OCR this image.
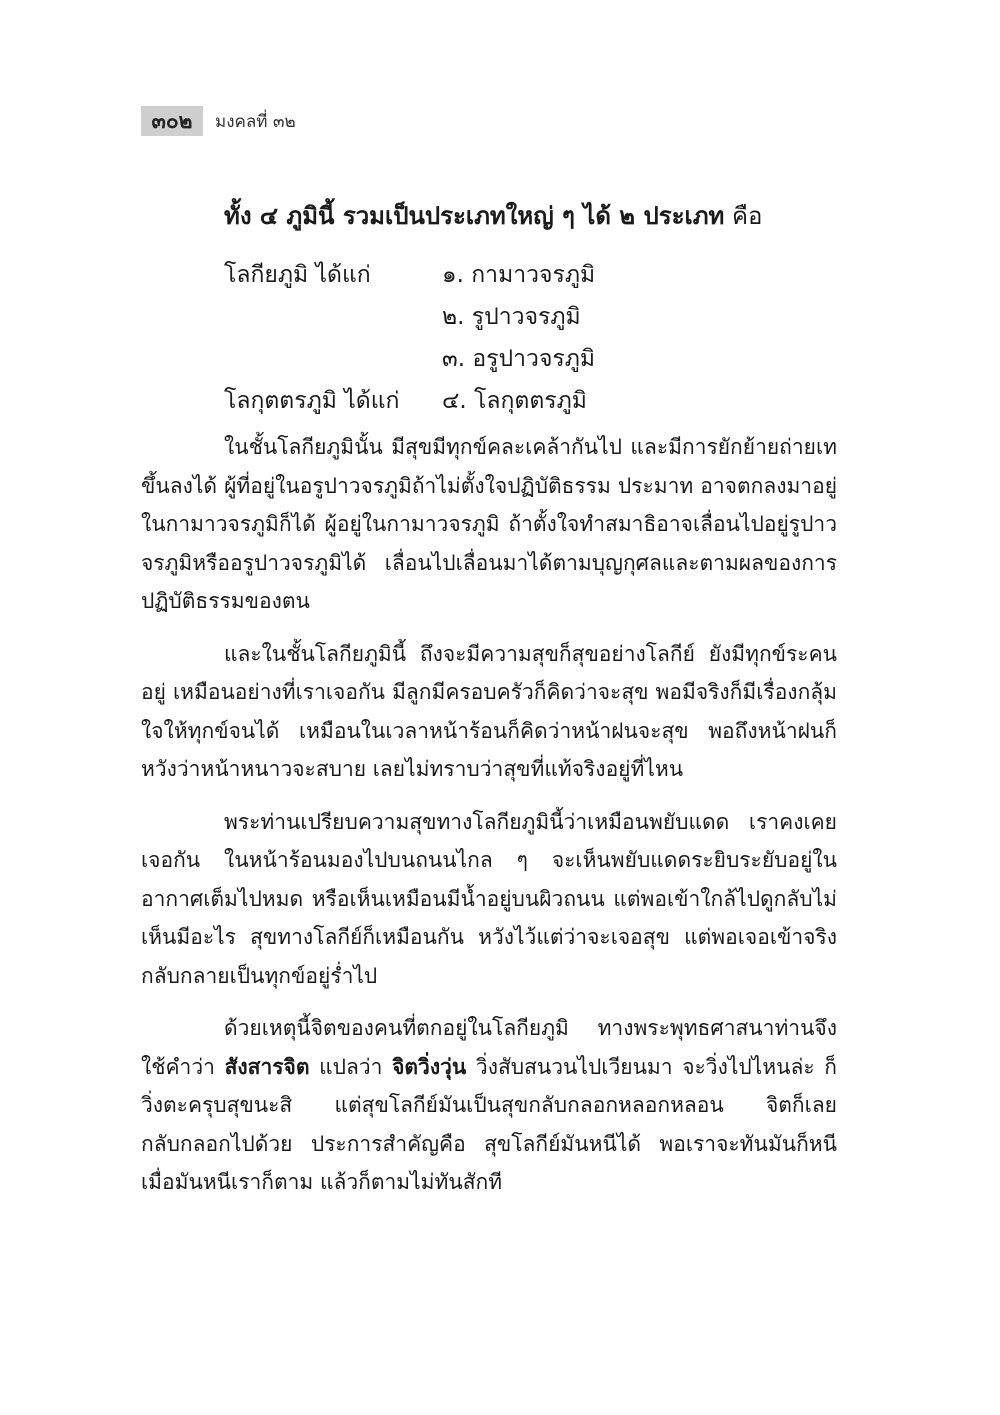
๓๐๒	มงคลที่ ๓๒
ทั้ง ๔ ภูมินี้ รวมเป็นประเภทใหญ่ ๆ ได้ ๒ ประเภท คือ
โลกียภูมิ ได้แก่	๑. กามาวจรภูมิ
๒. รูปาวจรภูมิ
๓. อรูปาวจรภูมิ
โลกุตตรภูมิ ได้แก่ ๔. โลกุตตรภูมิ

ในชั้นโลกียภูมินั้น มีสุขมีทุกข์คละเคล้ากันไป และมีการยักย้ายถ่ายเทขึ้นลงได้ ผู้ที่อยู่ในอรูปาวจรภูมิถ้าไม่ตั้งใจปฏิบัติธรรม ประมาท อาจตกลงมาอยู่ในกามาวจรภูมิก็ได้ ผู้อยู่ในกามาวจรภูมิ ถ้าตั้งใจทำสมาธิอาจเลื่อนไปอยู่รูปาวจรภูมิหรืออรูปาวจรภูมิได้ เลื่อนไปเลื่อนมาได้ตามบุญกุศลและตามผลของการปฏิบัติธรรมของตน

และในชั้นโลกียภูมินี้ ถึงจะมีความสุขก็สุขอย่างโลกีย์ ยังมีทุกข์ระคนอยู่ เหมือนอย่างที่เราเจอกัน มีลูกมีครอบครัวก็คิดว่าจะสุข พอมีจริงก็มีเรื่องกลุ้มใจให้ทุกข์จนได้ เหมือนในเวลาหน้าร้อนก็คิดว่าหน้าฝนจะสุข พอถึงหน้าฝนก็หวังว่าหน้าหนาวจะสบาย เลยไม่ทราบว่าสุขที่แท้จริงอยู่ที่ไหน

พระท่านเปรียบความสุขทางโลกียภูมินี้ว่าเหมือนพยับแดด เราคงเคยเจอกัน ในหน้าร้อนมองไปบนถนนไกล ๆ จะเห็นพยับแดดระยิบระยับอยู่ในอากาศเต็มไปหมด หรือเห็นเหมือนมีน้ำอยู่บนผิวถนน แต่พอเข้าใกล้ไปดูกลับไม่เห็นมีอะไร สุขทางโลกีย์ก็เหมือนกัน หวังไว้แต่ว่าจะเจอสุข แต่พอเจอเข้าจริงกลับกลายเป็นทุกข์อยู่ร่ำไป

ด้วยเหตุนี้จิตของคนที่ตกอยู่ในโลกียภูมิ ทางพระพุทธศาสนาท่านจึงใช้คำว่า สังสารจิต แปลว่า จิตวิ่งวุ่น วิ่งสับสนวนไปเวียนมา จะวิ่งไปไหนล่ะ ก็วิ่งตะครุบสุขนะสิ แต่สุขโลกีย์มันเป็นสุขกลับกลอกหลอกหลอน จิตก็เลยกลับกลอกไปด้วย ประการสำคัญคือ สุขโลกีย์มันหนีได้ พอเราจะทันมันก็หนี เมื่อมันหนีเราก็ตาม แล้วก็ตามไม่ทันสักที
